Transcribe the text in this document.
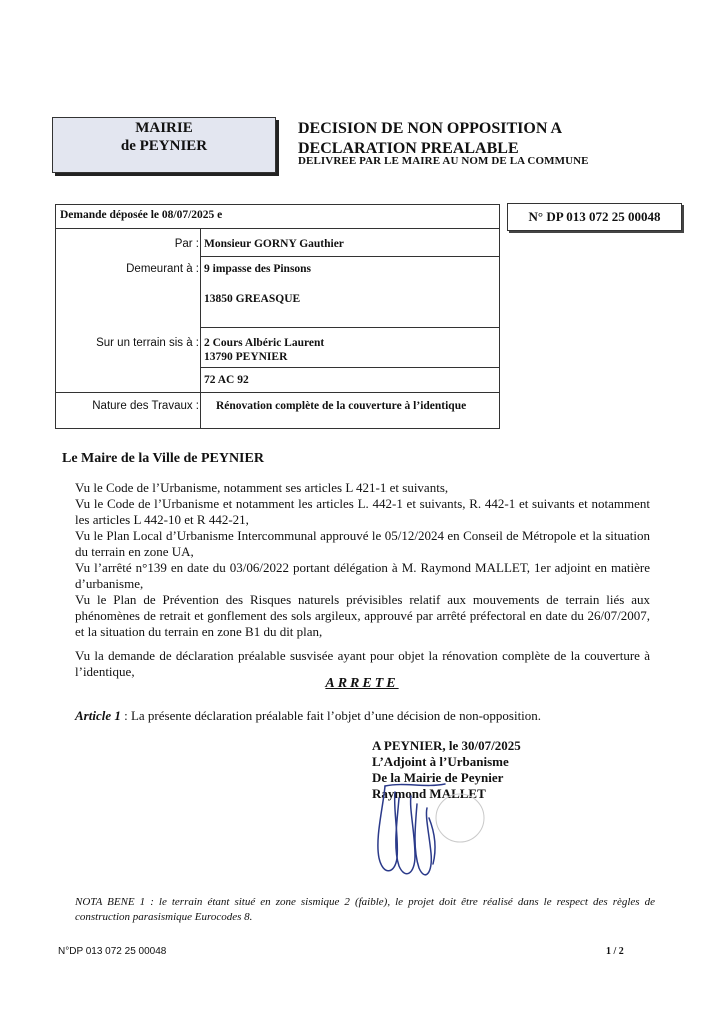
MAIRIE
de PEYNIER
DECISION DE NON OPPOSITION A
DECLARATION PREALABLE
DELIVREE PAR LE MAIRE AU NOM DE LA COMMUNE
Demande déposée le 08/07/2025 e
Par : Monsieur GORNY Gauthier
Demeurant à : 9 impasse des Pinsons
13850 GREASQUE
Sur un terrain sis à : 2 Cours Albéric Laurent
13790 PEYNIER
72 AC 92
Nature des Travaux : Rénovation complète de la couverture à l’identique
N° DP 013 072 25 00048
Le Maire de la Ville de PEYNIER
Vu le Code de l’Urbanisme, notamment ses articles L 421-1 et suivants,
Vu le Code de l’Urbanisme et notamment les articles L. 442-1 et suivants, R. 442-1 et suivants et notamment les articles L 442-10 et R 442-21,
Vu le Plan Local d’Urbanisme Intercommunal approuvé le 05/12/2024 en Conseil de Métropole et la situation du terrain en zone UA,
Vu l’arrêté n°139 en date du 03/06/2022 portant délégation à M. Raymond MALLET, 1er adjoint en matière d’urbanisme,
Vu le Plan de Prévention des Risques naturels prévisibles relatif aux mouvements de terrain liés aux phénomènes de retrait et gonflement des sols argileux, approuvé par arrêté préfectoral en date du 26/07/2007, et la situation du terrain en zone B1 du dit plan,
Vu la demande de déclaration préalable susvisée ayant pour objet la rénovation complète de la couverture à l’identique,
ARRETE
Article 1 : La présente déclaration préalable fait l’objet d’une décision de non-opposition.
A PEYNIER, le 30/07/2025
L’Adjoint à l’Urbanisme
De la Mairie de Peynier
Raymond MALLET
NOTA BENE 1 : le terrain étant situé en zone sismique 2 (faible), le projet doit être réalisé dans le respect des règles de construction parasismique Eurocodes 8.
N°DP 013 072 25 00048	1 / 2
